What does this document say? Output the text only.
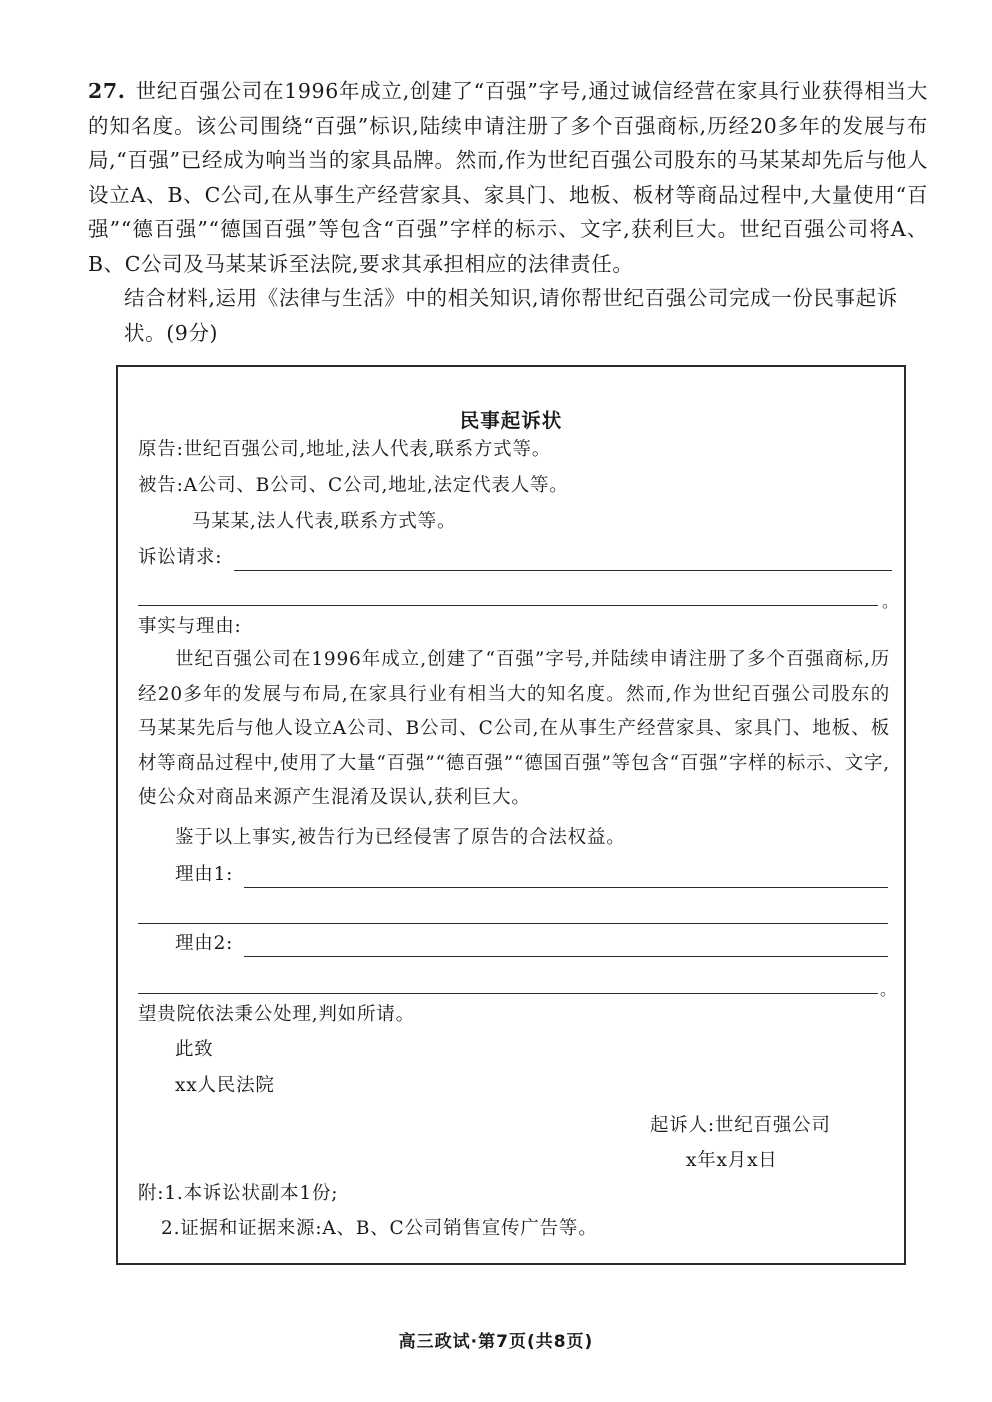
27. 世纪百强公司在1996年成立,创建了“百强”字号,通过诚信经营在家具行业获得相当大的知名度。该公司围绕“百强”标识,陆续申请注册了多个百强商标,历经20多年的发展与布局,“百强”已经成为响当当的家具品牌。然而,作为世纪百强公司股东的马某某却先后与他人设立A、B、C公司,在从事生产经营家具、家具门、地板、板材等商品过程中,大量使用“百强”“德百强”“德国百强”等包含“百强”字样的标示、文字,获利巨大。世纪百强公司将A、B、C公司及马某某诉至法院,要求其承担相应的法律责任。
结合材料,运用《法律与生活》中的相关知识,请你帮世纪百强公司完成一份民事起诉状。(9分)
民事起诉状
原告:世纪百强公司,地址,法人代表,联系方式等。
被告:A公司、B公司、C公司,地址,法定代表人等。
马某某,法人代表,联系方式等。
诉讼请求:
。
事实与理由:
世纪百强公司在1996年成立,创建了“百强”字号,并陆续申请注册了多个百强商标,历经20多年的发展与布局,在家具行业有相当大的知名度。然而,作为世纪百强公司股东的马某某先后与他人设立A公司、B公司、C公司,在从事生产经营家具、家具门、地板、板材等商品过程中,使用了大量“百强”“德百强”“德国百强”等包含“百强”字样的标示、文字,使公众对商品来源产生混淆及误认,获利巨大。
鉴于以上事实,被告行为已经侵害了原告的合法权益。
理由1:
理由2:
。
望贵院依法秉公处理,判如所请。
此致
xx人民法院
起诉人:世纪百强公司
x年x月x日
附:1.本诉讼状副本1份;
2.证据和证据来源:A、B、C公司销售宣传广告等。
高三政试·第7页(共8页)
